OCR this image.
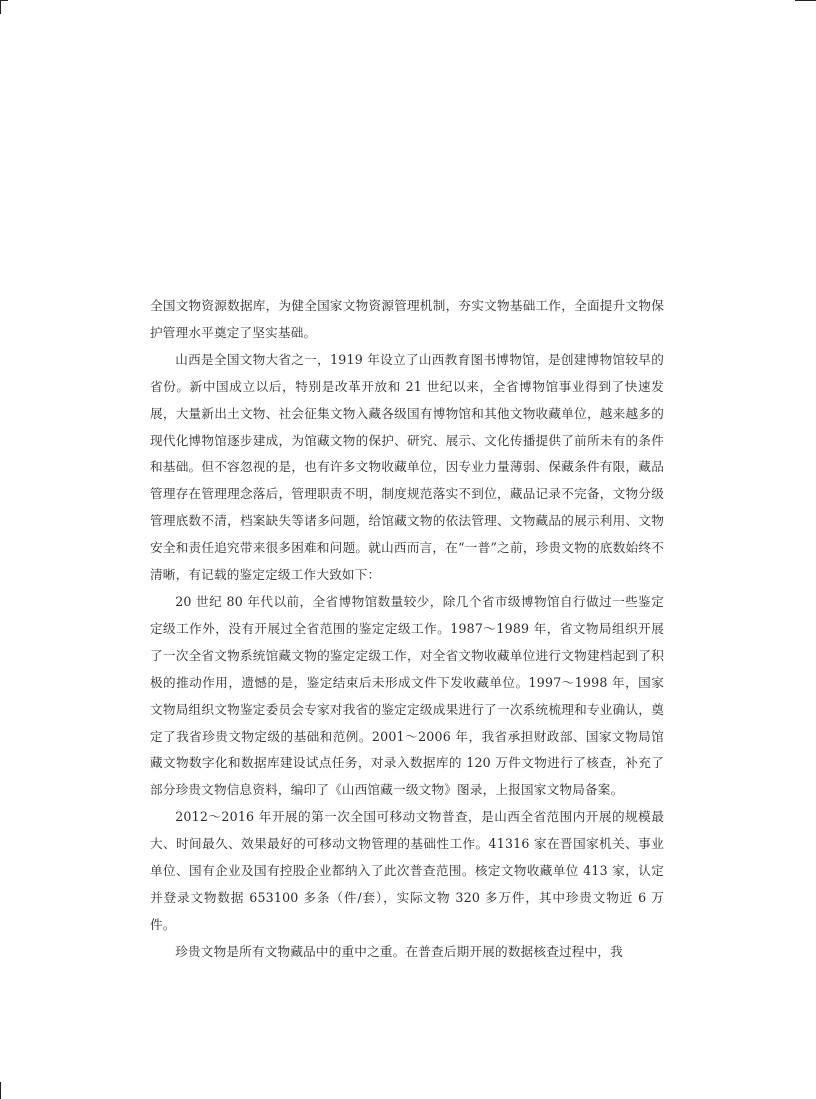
全国文物资源数据库，为健全国家文物资源管理机制，夯实文物基础工作，全面提升文物保护管理水平奠定了坚实基础。

山西是全国文物大省之一，1919 年设立了山西教育图书博物馆，是创建博物馆较早的省份。新中国成立以后，特别是改革开放和 21 世纪以来，全省博物馆事业得到了快速发展，大量新出土文物、社会征集文物入藏各级国有博物馆和其他文物收藏单位，越来越多的现代化博物馆逐步建成，为馆藏文物的保护、研究、展示、文化传播提供了前所未有的条件和基础。但不容忽视的是，也有许多文物收藏单位，因专业力量薄弱、保藏条件有限，藏品管理存在管理理念落后，管理职责不明，制度规范落实不到位，藏品记录不完备，文物分级管理底数不清，档案缺失等诸多问题，给馆藏文物的依法管理、文物藏品的展示利用、文物安全和责任追究带来很多困难和问题。就山西而言，在“一普”之前，珍贵文物的底数始终不清晰，有记载的鉴定定级工作大致如下：

20 世纪 80 年代以前，全省博物馆数量较少，除几个省市级博物馆自行做过一些鉴定定级工作外，没有开展过全省范围的鉴定定级工作。1987～1989 年，省文物局组织开展了一次全省文物系统馆藏文物的鉴定定级工作，对全省文物收藏单位进行文物建档起到了积极的推动作用，遗憾的是，鉴定结束后未形成文件下发收藏单位。1997～1998 年，国家文物局组织文物鉴定委员会专家对我省的鉴定定级成果进行了一次系统梳理和专业确认，奠定了我省珍贵文物定级的基础和范例。2001～2006 年，我省承担财政部、国家文物局馆藏文物数字化和数据库建设试点任务，对录入数据库的 120 万件文物进行了核查，补充了部分珍贵文物信息资料，编印了《山西馆藏一级文物》图录，上报国家文物局备案。

2012～2016 年开展的第一次全国可移动文物普查，是山西全省范围内开展的规模最大、时间最久、效果最好的可移动文物管理的基础性工作。41316 家在晋国家机关、事业单位、国有企业及国有控股企业都纳入了此次普查范围。核定文物收藏单位 413 家，认定并登录文物数据 653100 多条（件/套），实际文物 320 多万件，其中珍贵文物近 6 万件。

珍贵文物是所有文物藏品中的重中之重。在普查后期开展的数据核查过程中，我
